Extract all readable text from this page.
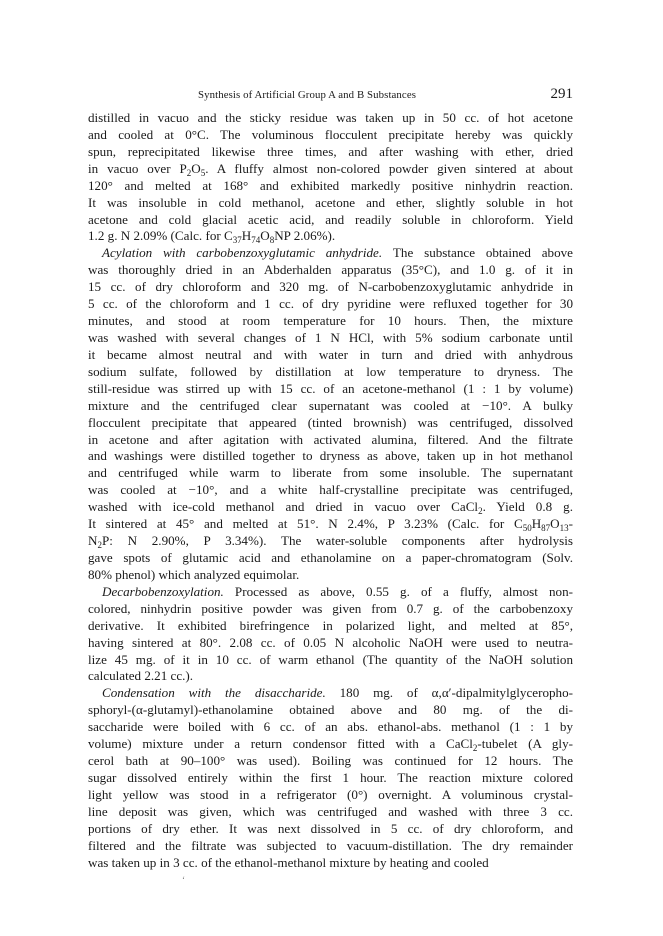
Synthesis of Artificial Group A and B Substances	291

distilled in vacuo and the sticky residue was taken up in 50 cc. of hot acetone

and cooled at 0°C. The voluminous flocculent precipitate hereby was quickly

spun, reprecipitated likewise three times, and after washing with ether, dried

in vacuo over $P_2O_5$. A fluffy almost non-colored powder given sintered at about

120° and melted at 168° and exhibited markedly positive ninhydrin reaction.

It was insoluble in cold methanol, acetone and ether, slightly soluble in hot

acetone and cold glacial acetic acid, and readily soluble in chloroform. Yield

1.2 g. N 2.09% (Calc. for $C_{37}H_{74}O_8NP$ 2.06%).

Acylation with carbobenzoxyglutamic anhydride. The substance obtained above

was thoroughly dried in an Abderhalden apparatus (35°C), and 1.0 g. of it in

15 cc. of dry chloroform and 320 mg. of N-carbobenzoxyglutamic anhydride in

5 cc. of the chloroform and 1 cc. of dry pyridine were refluxed together for 30

minutes, and stood at room temperature for 10 hours. Then, the mixture

was washed with several changes of 1 N HCl, with 5% sodium carbonate until

it became almost neutral and with water in turn and dried with anhydrous

sodium sulfate, followed by distillation at low temperature to dryness. The

still-residue was stirred up with 15 cc. of an acetone-methanol (1 : 1 by volume)

mixture and the centrifuged clear supernatant was cooled at −10°. A bulky

flocculent precipitate that appeared (tinted brownish) was centrifuged, dissolved

in acetone and after agitation with activated alumina, filtered. And the filtrate

and washings were distilled together to dryness as above, taken up in hot methanol

and centrifuged while warm to liberate from some insoluble. The supernatant

was cooled at −10°, and a white half-crystalline precipitate was centrifuged,

washed with ice-cold methanol and dried in vacuo over CaCl$_2$. Yield 0.8 g.

It sintered at 45° and melted at 51°. N 2.4%, P 3.23% (Calc. for $C_{50}H_{87}O_{13}-$

$N_2P$: N 2.90%, P 3.34%). The water-soluble components after hydrolysis

gave spots of glutamic acid and ethanolamine on a paper-chromatogram (Solv.

80% phenol) which analyzed equimolar.

Decarbobenzoxylation. Processed as above, 0.55 g. of a fluffy, almost non-

colored, ninhydrin positive powder was given from 0.7 g. of the carbobenzoxy

derivative. It exhibited birefringence in polarized light, and melted at 85°,

having sintered at 80°. 2.08 cc. of 0.05 N alcoholic NaOH were used to neutra-

lize 45 mg. of it in 10 cc. of warm ethanol (The quantity of the NaOH solution

calculated 2.21 cc.).

Condensation with the disaccharide. 180 mg. of α,α′-dipalmitylglycerophо-

sphoryl-(α-glutamyl)-ethanolamine obtained above and 80 mg. of the di-

saccharide were boiled with 6 cc. of an abs. ethanol-abs. methanol (1 : 1 by

volume) mixture under a return condensor fitted with a CaCl$_2$-tubelet (A gly-

cerol bath at 90–100° was used). Boiling was continued for 12 hours. The

sugar dissolved entirely within the first 1 hour. The reaction mixture colored

light yellow was stood in a refrigerator (0°) overnight. A voluminous crystal-

line deposit was given, which was centrifuged and washed with three 3 cc.

portions of dry ether. It was next dissolved in 5 cc. of dry chloroform, and

filtered and the filtrate was subjected to vacuum-distillation. The dry remainder

was taken up in 3 cc. of the ethanol-methanol mixture by heating and cooled

‘
